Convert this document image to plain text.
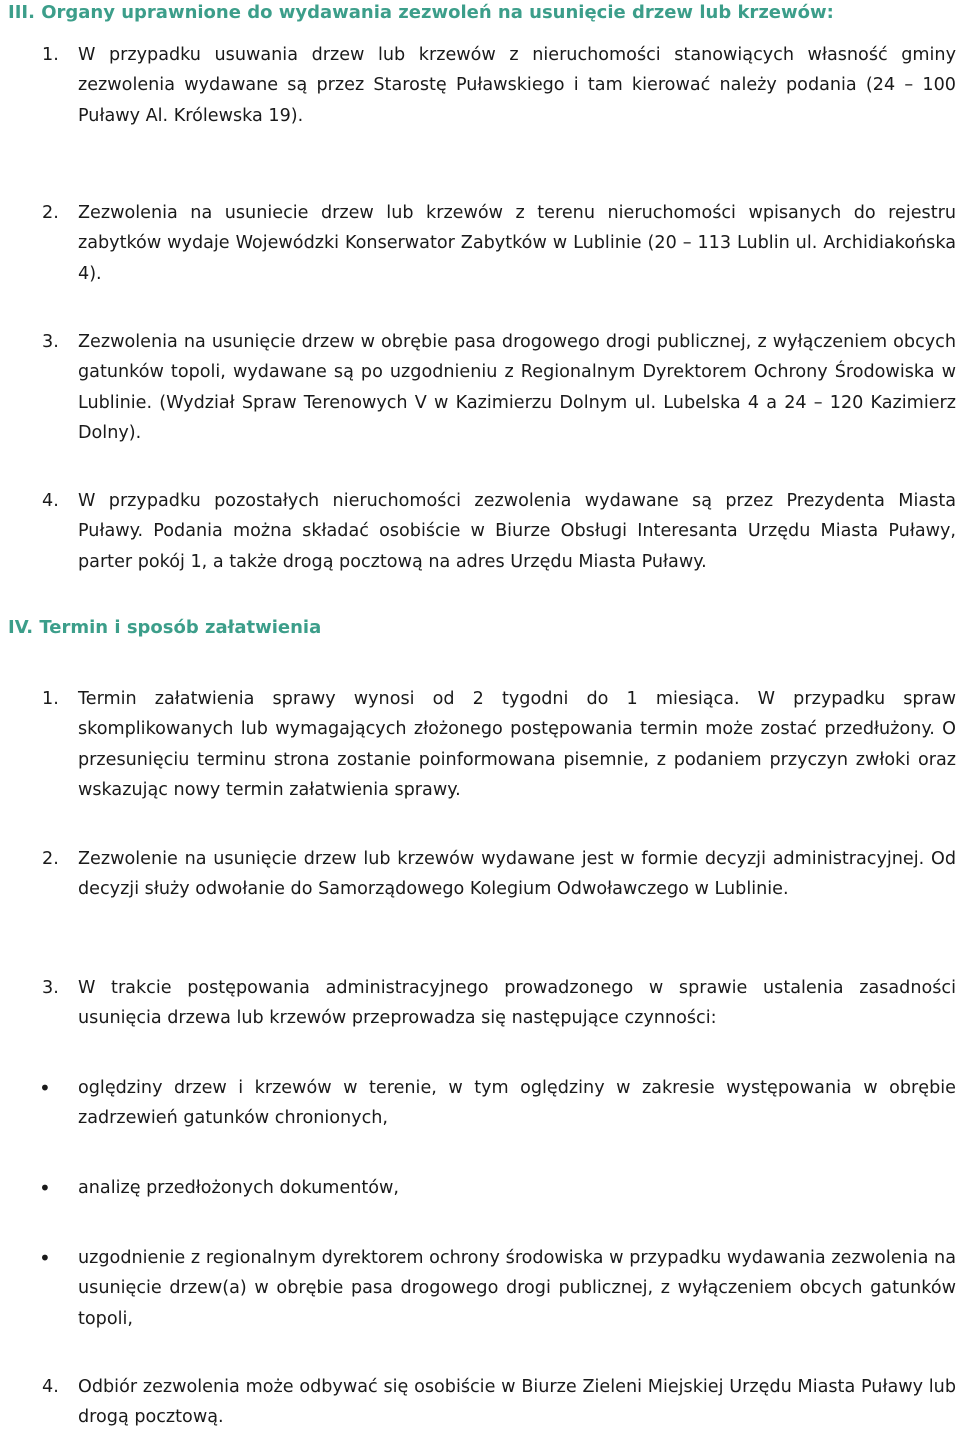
III. Organy uprawnione do wydawania zezwoleń na usunięcie drzew lub krzewów:
1. W przypadku usuwania drzew lub krzewów z nieruchomości stanowiących własność gminy zezwolenia wydawane są przez Starostę Puławskiego i tam kierować należy podania (24 – 100 Puławy Al. Królewska 19).
2. Zezwolenia na usuniecie drzew lub krzewów z terenu nieruchomości wpisanych do rejestru zabytków wydaje Wojewódzki Konserwator Zabytków w Lublinie (20 – 113 Lublin ul. Archidiakońska 4).
3. Zezwolenia na usunięcie drzew w obrębie pasa drogowego drogi publicznej, z wyłączeniem obcych gatunków topoli, wydawane są po uzgodnieniu z Regionalnym Dyrektorem Ochrony Środowiska w Lublinie. (Wydział Spraw Terenowych V w Kazimierzu Dolnym ul. Lubelska 4 a 24 – 120 Kazimierz Dolny).
4. W przypadku pozostałych nieruchomości zezwolenia wydawane są przez Prezydenta Miasta Puławy. Podania można składać osobiście w Biurze Obsługi Interesanta Urzędu Miasta Puławy, parter pokój 1, a także drogą pocztową na adres Urzędu Miasta Puławy.
IV. Termin i sposób załatwienia
1. Termin załatwienia sprawy wynosi od 2 tygodni do 1 miesiąca. W przypadku spraw skomplikowanych lub wymagających złożonego postępowania termin może zostać przedłużony. O przesunięciu terminu strona zostanie poinformowana pisemnie, z podaniem przyczyn zwłoki oraz wskazując nowy termin załatwienia sprawy.
2. Zezwolenie na usunięcie drzew lub krzewów wydawane jest w formie decyzji administracyjnej. Od decyzji służy odwołanie do Samorządowego Kolegium Odwoławczego w Lublinie.
3. W trakcie postępowania administracyjnego prowadzonego w sprawie ustalenia zasadności usunięcia drzewa lub krzewów przeprowadza się następujące czynności:
• oględziny drzew i krzewów w terenie, w tym oględziny w zakresie występowania w obrębie zadrzewień gatunków chronionych,
• analizę przedłożonych dokumentów,
• uzgodnienie z regionalnym dyrektorem ochrony środowiska w przypadku wydawania zezwolenia na usunięcie drzew(a) w obrębie pasa drogowego drogi publicznej, z wyłączeniem obcych gatunków topoli,
4. Odbiór zezwolenia może odbywać się osobiście w Biurze Zieleni Miejskiej Urzędu Miasta Puławy lub drogą pocztową.
